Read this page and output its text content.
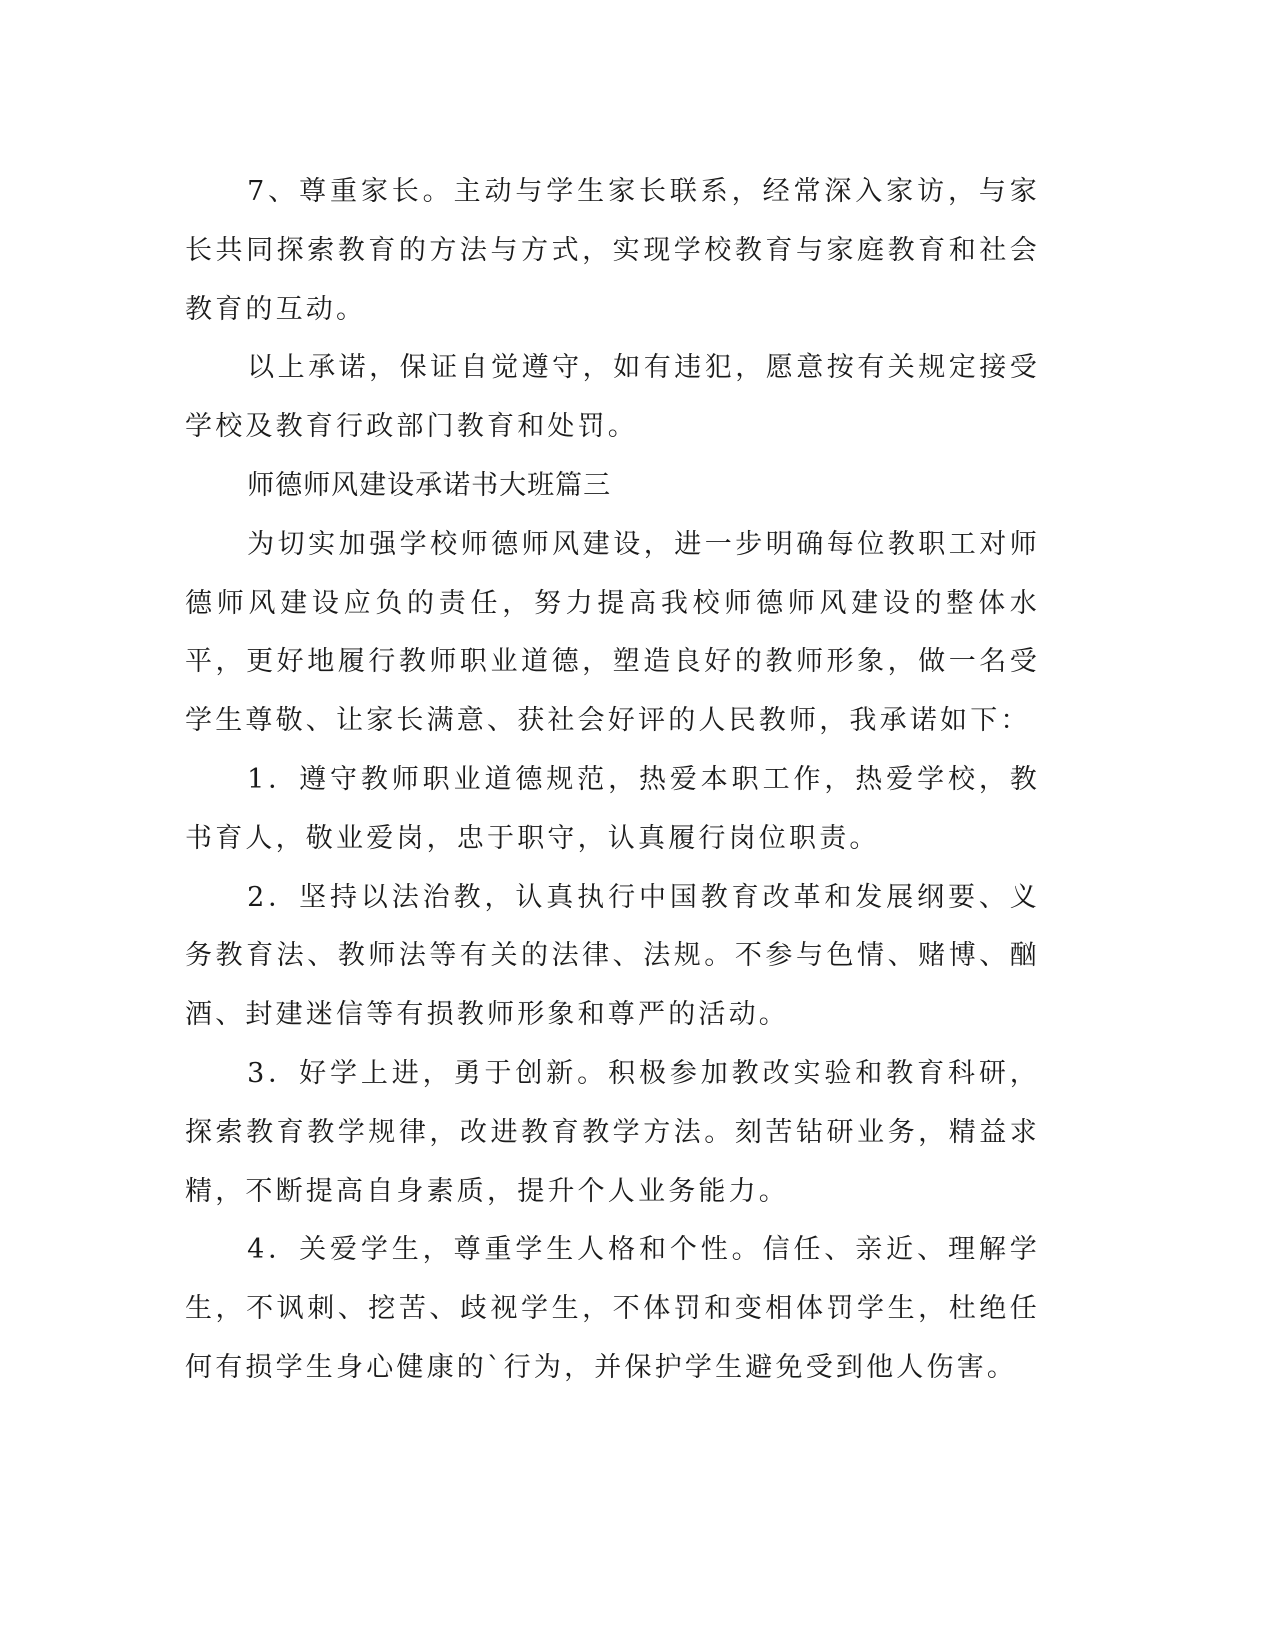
7、尊重家长。主动与学生家长联系，经常深入家访，与家长共同探索教育的方法与方式，实现学校教育与家庭教育和社会教育的互动。

以上承诺，保证自觉遵守，如有违犯，愿意按有关规定接受学校及教育行政部门教育和处罚。

师德师风建设承诺书大班篇三

为切实加强学校师德师风建设，进一步明确每位教职工对师德师风建设应负的责任，努力提高我校师德师风建设的整体水平，更好地履行教师职业道德，塑造良好的教师形象，做一名受学生尊敬、让家长满意、获社会好评的人民教师，我承诺如下：

1．遵守教师职业道德规范，热爱本职工作，热爱学校，教书育人，敬业爱岗，忠于职守，认真履行岗位职责。

2．坚持以法治教，认真执行中国教育改革和发展纲要、义务教育法、教师法等有关的法律、法规。不参与色情、赌博、酗酒、封建迷信等有损教师形象和尊严的活动。

3．好学上进，勇于创新。积极参加教改实验和教育科研，探索教育教学规律，改进教育教学方法。刻苦钻研业务，精益求精，不断提高自身素质，提升个人业务能力。

4．关爱学生，尊重学生人格和个性。信任、亲近、理解学生，不讽刺、挖苦、歧视学生，不体罚和变相体罚学生，杜绝任何有损学生身心健康的`行为，并保护学生避免受到他人伤害。
